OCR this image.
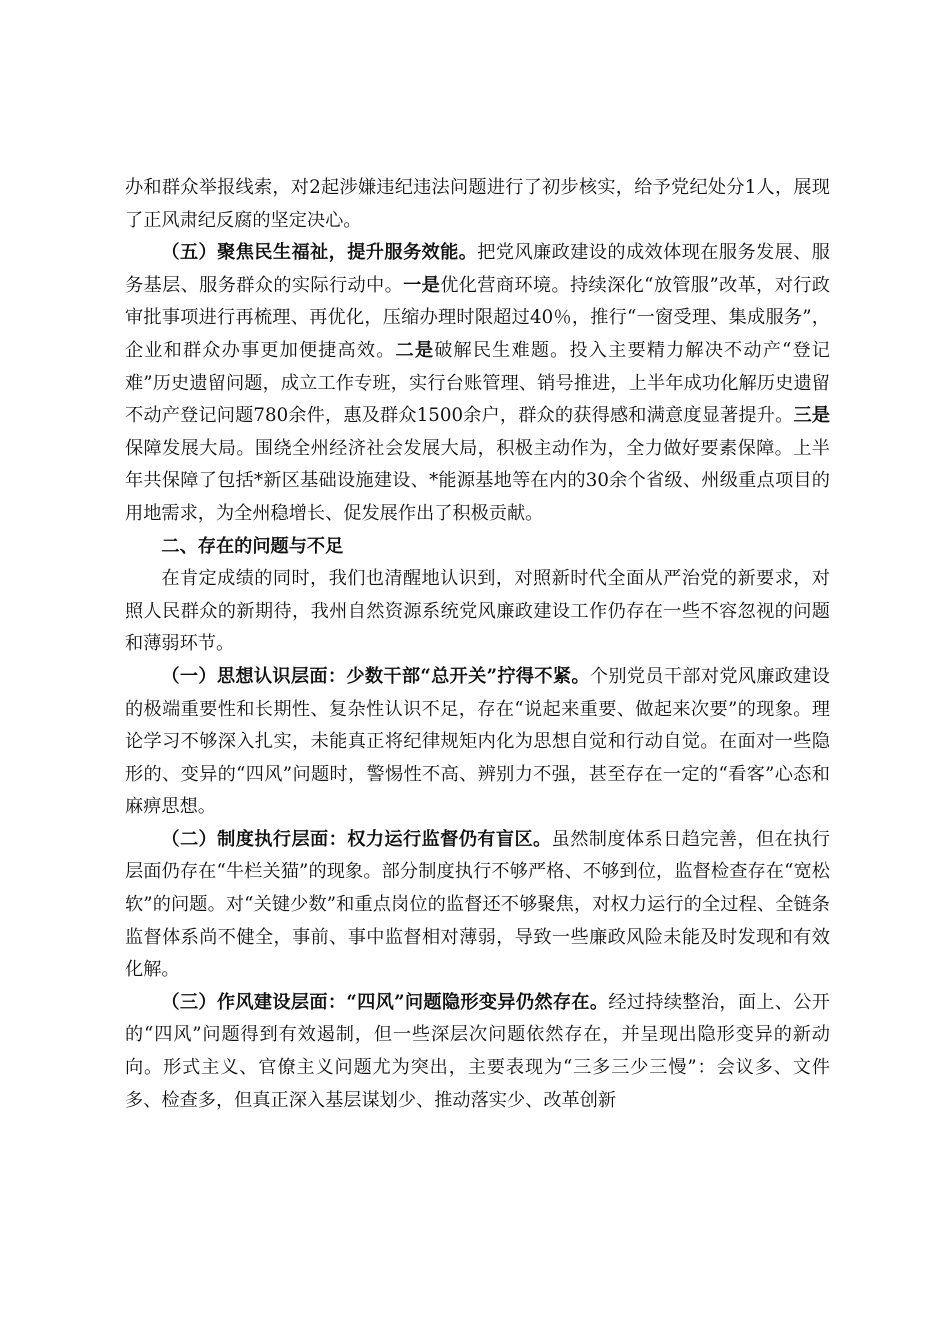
办和群众举报线索，对2起涉嫌违纪违法问题进行了初步核实，给予党纪处分1人，展现了正风肃纪反腐的坚定决心。

（五）聚焦民生福祉，提升服务效能。把党风廉政建设的成效体现在服务发展、服务基层、服务群众的实际行动中。一是优化营商环境。持续深化“放管服”改革，对行政审批事项进行再梳理、再优化，压缩办理时限超过40％，推行“一窗受理、集成服务”，企业和群众办事更加便捷高效。二是破解民生难题。投入主要精力解决不动产“登记难”历史遗留问题，成立工作专班，实行台账管理、销号推进，上半年成功化解历史遗留不动产登记问题780余件，惠及群众1500余户，群众的获得感和满意度显著提升。三是保障发展大局。围绕全州经济社会发展大局，积极主动作为，全力做好要素保障。上半年共保障了包括*新区基础设施建设、*能源基地等在内的30余个省级、州级重点项目的用地需求，为全州稳增长、促发展作出了积极贡献。

二、存在的问题与不足

在肯定成绩的同时，我们也清醒地认识到，对照新时代全面从严治党的新要求，对照人民群众的新期待，我州自然资源系统党风廉政建设工作仍存在一些不容忽视的问题和薄弱环节。

（一）思想认识层面：少数干部“总开关”拧得不紧。个别党员干部对党风廉政建设的极端重要性和长期性、复杂性认识不足，存在“说起来重要、做起来次要”的现象。理论学习不够深入扎实，未能真正将纪律规矩内化为思想自觉和行动自觉。在面对一些隐形的、变异的“四风”问题时，警惕性不高、辨别力不强，甚至存在一定的“看客”心态和麻痹思想。

（二）制度执行层面：权力运行监督仍有盲区。虽然制度体系日趋完善，但在执行层面仍存在“牛栏关猫”的现象。部分制度执行不够严格、不够到位，监督检查存在“宽松软”的问题。对“关键少数”和重点岗位的监督还不够聚焦，对权力运行的全过程、全链条监督体系尚不健全，事前、事中监督相对薄弱，导致一些廉政风险未能及时发现和有效化解。

（三）作风建设层面：“四风”问题隐形变异仍然存在。经过持续整治，面上、公开的“四风”问题得到有效遏制，但一些深层次问题依然存在，并呈现出隐形变异的新动向。形式主义、官僚主义问题尤为突出，主要表现为“三多三少三慢”：会议多、文件多、检查多，但真正深入基层谋划少、推动落实少、改革创新
